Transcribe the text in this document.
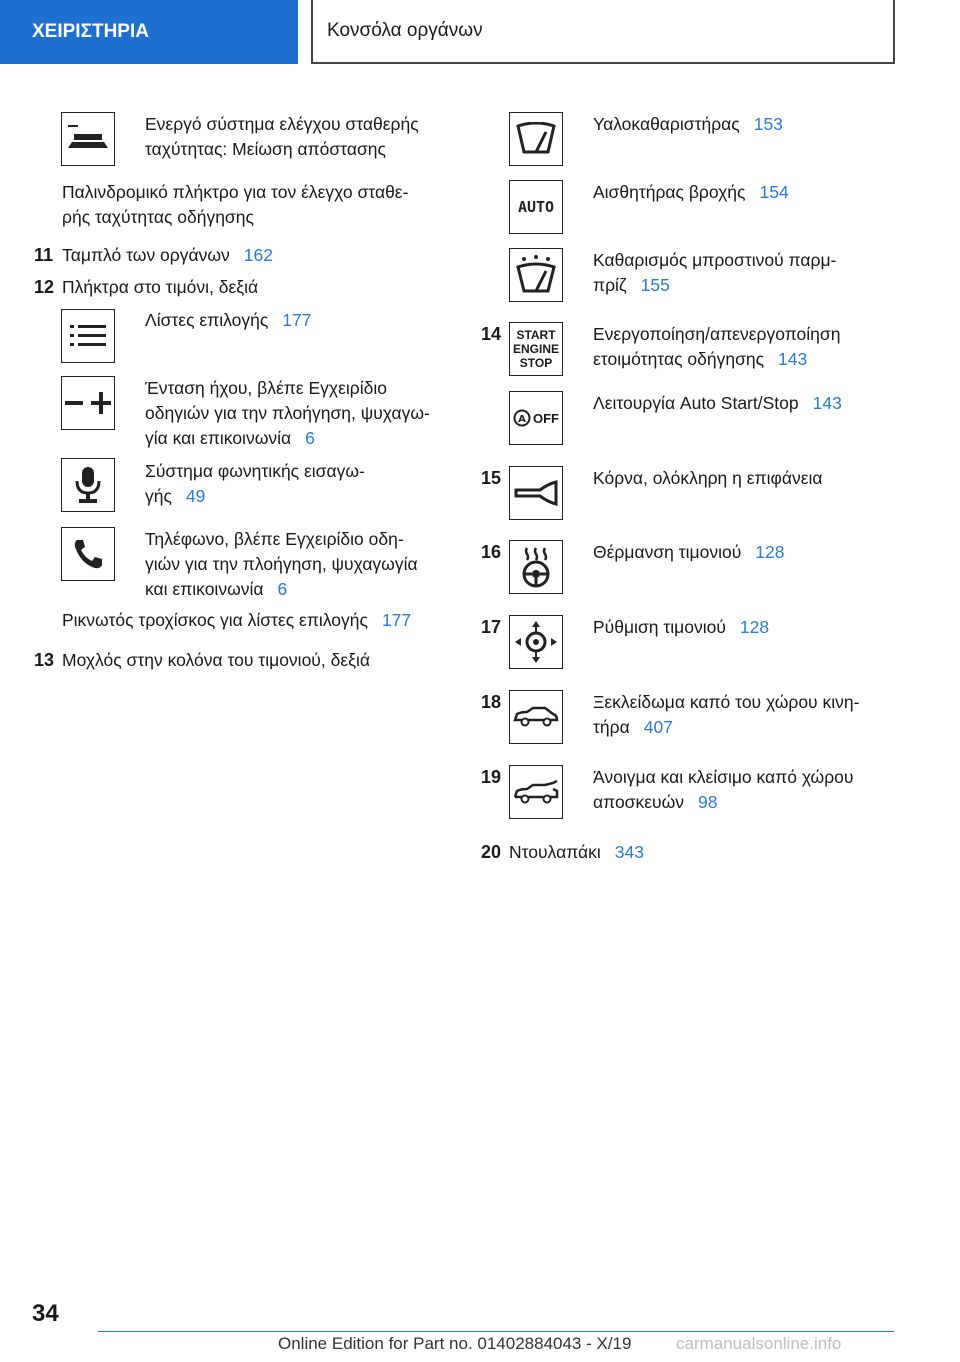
ΧΕΙΡΙΣΤΗΡΙΑ	Κονσόλα οργάνων
Ενεργό σύστημα ελέγχου σταθερής
ταχύτητας: Μείωση απόστασης
Παλινδρομικό πλήκτρο για τον έλεγχο σταθε-
ρής ταχύτητας οδήγησης
11 Ταμπλό των οργάνων 162
12 Πλήκτρα στο τιμόνι, δεξιά
Λίστες επιλογής 177
Ένταση ήχου, βλέπε Εγχειρίδιο
οδηγιών για την πλοήγηση, ψυχαγω-
γία και επικοινωνία 6
Σύστημα φωνητικής εισαγω-
γής 49
Τηλέφωνο, βλέπε Εγχειρίδιο οδη-
γιών για την πλοήγηση, ψυχαγωγία
και επικοινωνία 6
Ρικνωτός τροχίσκος για λίστες επιλογής 177
13 Μοχλός στην κολόνα του τιμονιού, δεξιά
Υαλοκαθαριστήρας 153
AUTO
Αισθητήρας βροχής 154
Καθαρισμός μπροστινού παρμ-
πρίζ 155
14 START
ENGINE
STOP
Ενεργοποίηση/απενεργοποίηση
ετοιμότητας οδήγησης 143
A OFF
Λειτουργία Auto Start/Stop 143
15	Κόρνα, ολόκληρη η επιφάνεια
16	Θέρμανση τιμονιού 128
17	Ρύθμιση τιμονιού 128
18	Ξεκλείδωμα καπό του χώρου κινη-
τήρα 407
19	Άνοιγμα και κλείσιμο καπό χώρου
αποσκευών 98
20 Ντουλαπάκι 343
34
Online Edition for Part no. 01402884043 - X/19	carmanualsonline.info
